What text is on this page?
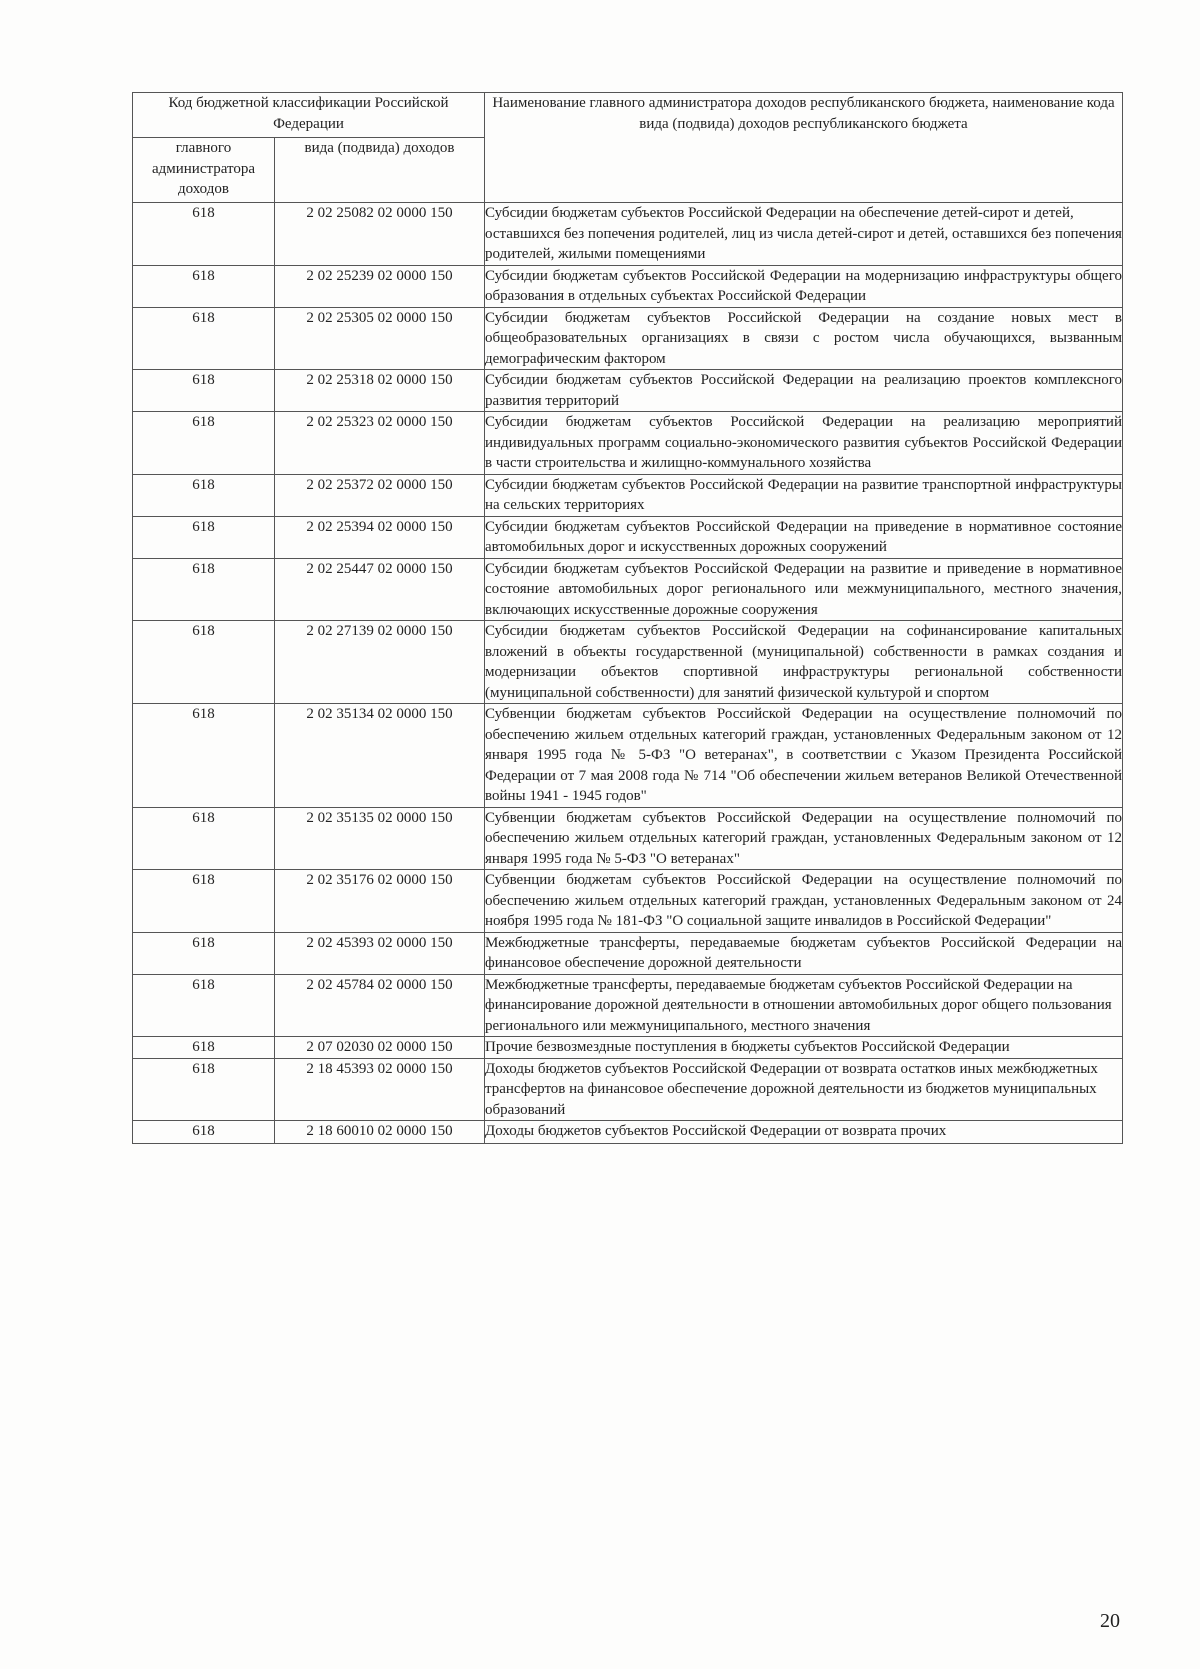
Код бюджетной классификации Российской Федерации		Наименование главного администратора доходов республиканского бюджета, наименование кода вида (подвида) доходов республиканского бюджета
главного администратора доходов	вида (подвида) доходов	
618	2 02 25082 02 0000 150	Субсидии бюджетам субъектов Российской Федерации на обеспечение детей-сирот и детей, оставшихся без попечения родителей, лиц из числа детей-сирот и детей, оставшихся без попечения родителей, жилыми помещениями
618	2 02 25239 02 0000 150	Субсидии бюджетам субъектов Российской Федерации на модернизацию инфраструктуры общего образования в отдельных субъектах Российской Федерации
618	2 02 25305 02 0000 150	Субсидии бюджетам субъектов Российской Федерации на создание новых мест в общеобразовательных организациях в связи с ростом числа обучающихся, вызванным демографическим фактором
618	2 02 25318 02 0000 150	Субсидии бюджетам субъектов Российской Федерации на реализацию проектов комплексного развития территорий
618	2 02 25323 02 0000 150	Субсидии бюджетам субъектов Российской Федерации на реализацию мероприятий индивидуальных программ социально-экономического развития субъектов Российской Федерации в части строительства и жилищно-коммунального хозяйства
618	2 02 25372 02 0000 150	Субсидии бюджетам субъектов Российской Федерации на развитие транспортной инфраструктуры на сельских территориях
618	2 02 25394 02 0000 150	Субсидии бюджетам субъектов Российской Федерации на приведение в нормативное состояние автомобильных дорог и искусственных дорожных сооружений
618	2 02 25447 02 0000 150	Субсидии бюджетам субъектов Российской Федерации на развитие и приведение в нормативное состояние автомобильных дорог регионального или межмуниципального, местного значения, включающих искусственные дорожные сооружения
618	2 02 27139 02 0000 150	Субсидии бюджетам субъектов Российской Федерации на софинансирование капитальных вложений в объекты государственной (муниципальной) собственности в рамках создания и модернизации объектов спортивной инфраструктуры региональной собственности (муниципальной собственности) для занятий физической культурой и спортом
618	2 02 35134 02 0000 150	Субвенции бюджетам субъектов Российской Федерации на осуществление полномочий по обеспечению жильем отдельных категорий граждан, установленных Федеральным законом от 12 января 1995 года № 5-ФЗ "О ветеранах", в соответствии с Указом Президента Российской Федерации от 7 мая 2008 года № 714 "Об обеспечении жильем ветеранов Великой Отечественной войны 1941 - 1945 годов"
618	2 02 35135 02 0000 150	Субвенции бюджетам субъектов Российской Федерации на осуществление полномочий по обеспечению жильем отдельных категорий граждан, установленных Федеральным законом от 12 января 1995 года № 5-ФЗ "О ветеранах"
618	2 02 35176 02 0000 150	Субвенции бюджетам субъектов Российской Федерации на осуществление полномочий по обеспечению жильем отдельных категорий граждан, установленных Федеральным законом от 24 ноября 1995 года № 181-ФЗ "О социальной защите инвалидов в Российской Федерации"
618	2 02 45393 02 0000 150	Межбюджетные трансферты, передаваемые бюджетам субъектов Российской Федерации на финансовое обеспечение дорожной деятельности
618	2 02 45784 02 0000 150	Межбюджетные трансферты, передаваемые бюджетам субъектов Российской Федерации на финансирование дорожной деятельности в отношении автомобильных дорог общего пользования регионального или межмуниципального, местного значения
618	2 07 02030 02 0000 150	Прочие безвозмездные поступления в бюджеты субъектов Российской Федерации
618	2 18 45393 02 0000 150	Доходы бюджетов субъектов Российской Федерации от возврата остатков иных межбюджетных трансфертов на финансовое обеспечение дорожной деятельности из бюджетов муниципальных образований
618	2 18 60010 02 0000 150	Доходы бюджетов субъектов Российской Федерации от возврата прочих
20
